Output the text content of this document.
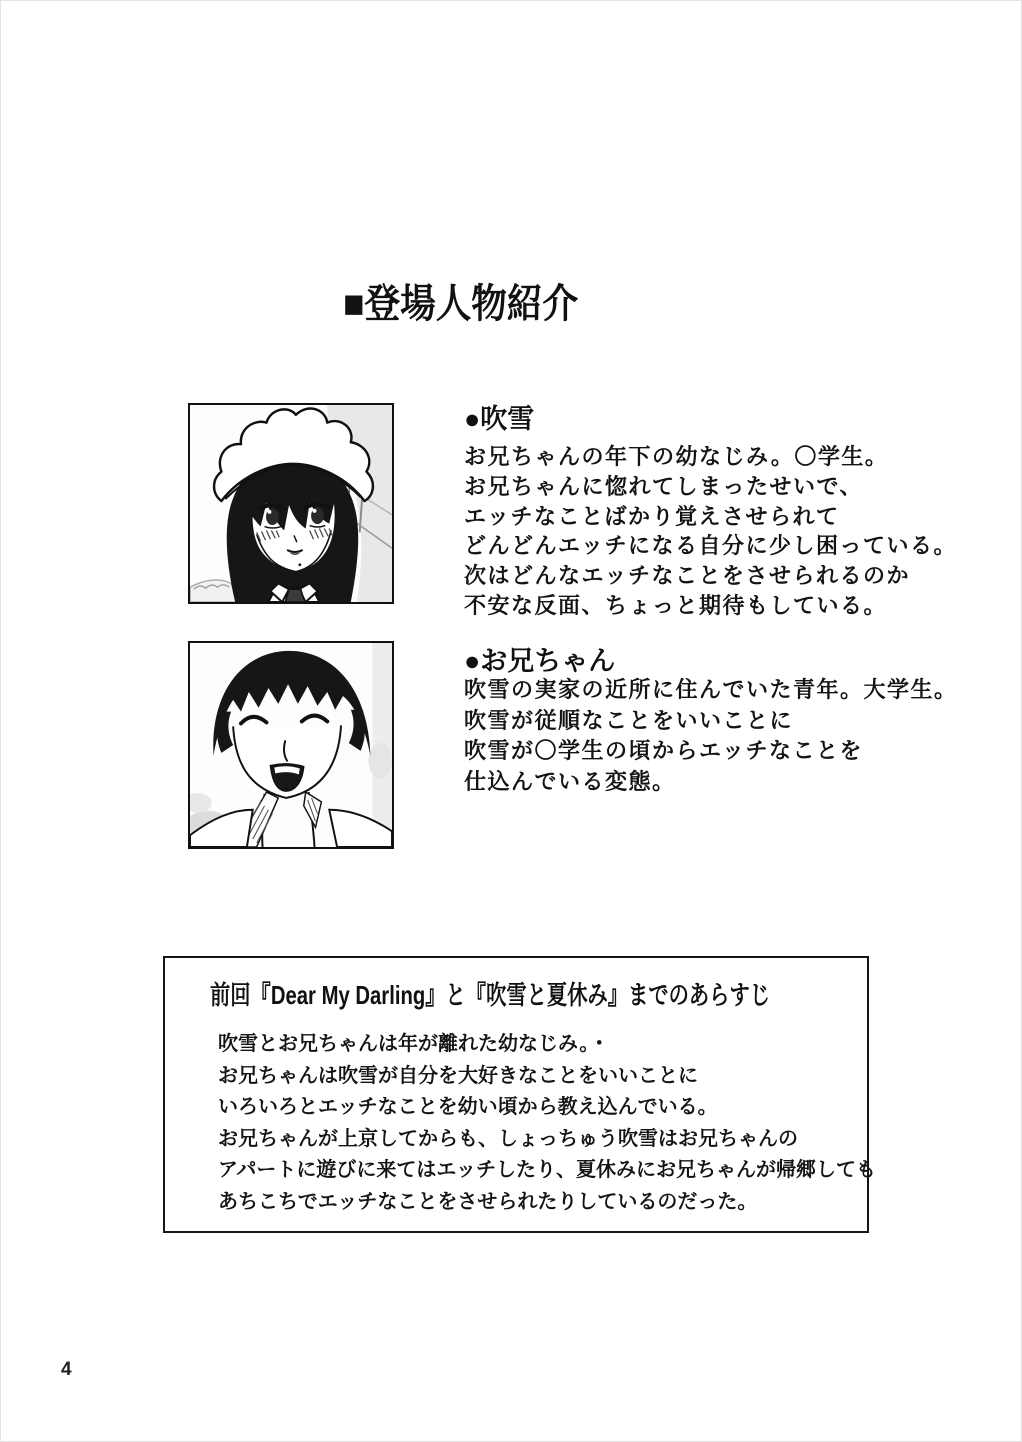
■登場人物紹介
●吹雪
お兄ちゃんの年下の幼なじみ。〇学生。
お兄ちゃんに惚れてしまったせいで、
エッチなことばかり覚えさせられて
どんどんエッチになる自分に少し困っている。
次はどんなエッチなことをさせられるのか
不安な反面、ちょっと期待もしている。
●お兄ちゃん
吹雪の実家の近所に住んでいた青年。大学生。
吹雪が従順なことをいいことに
吹雪が〇学生の頃からエッチなことを
仕込んでいる変態。
前回『Dear My Darling』と『吹雪と夏休み』までのあらすじ
吹雪とお兄ちゃんは年が離れた幼なじみ。・
お兄ちゃんは吹雪が自分を大好きなことをいいことに
いろいろとエッチなことを幼い頃から教え込んでいる。
お兄ちゃんが上京してからも、しょっちゅう吹雪はお兄ちゃんの
アパートに遊びに来てはエッチしたり、夏休みにお兄ちゃんが帰郷しても
あちこちでエッチなことをさせられたりしているのだった。
4
